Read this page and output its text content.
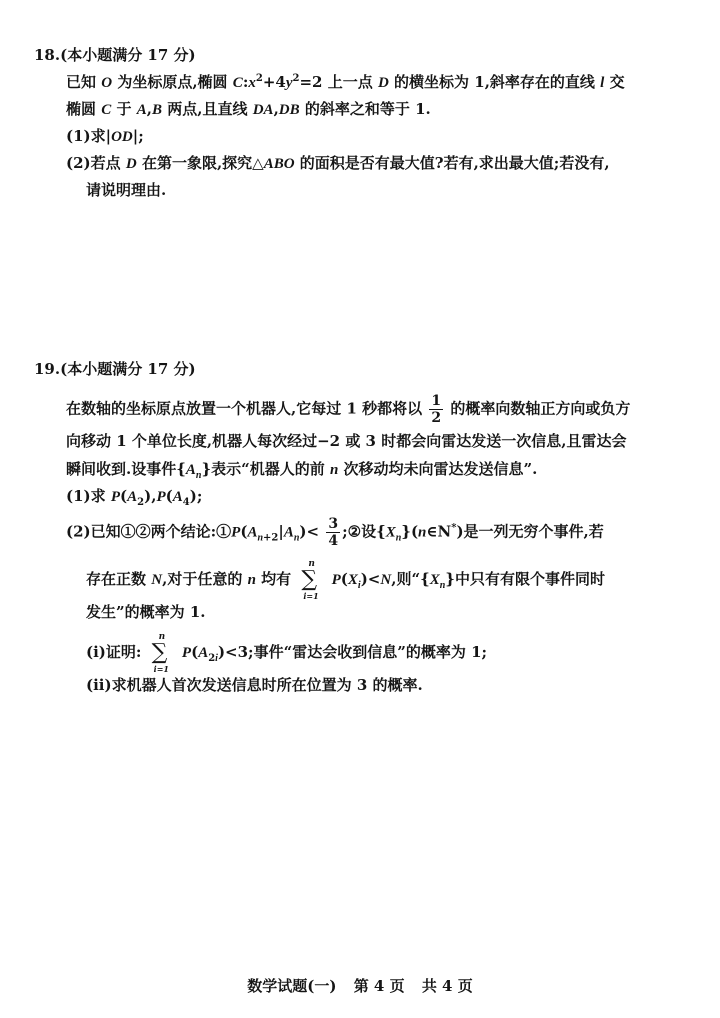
18.(本小题满分 17 分)
已知 O 为坐标原点,椭圆 $C:x^2+4y^2=2$ 上一点 D 的横坐标为 1,斜率存在的直线 l 交
椭圆 C 于 A,B 两点,且直线 DA,DB 的斜率之和等于 1.
(1)求|OD|;
(2)若点 D 在第一象限,探究△ABO 的面积是否有最大值?若有,求出最大值;若没有,
请说明理由.
19.(本小题满分 17 分)
在数轴的坐标原点放置一个机器人,它每过 1 秒都将以 $\frac{1}{2}$ 的概率向数轴正方向或负方
向移动 1 个单位长度,机器人每次经过−2 或 3 时都会向雷达发送一次信息,且雷达会
瞬间收到.设事件$\{A_n\}$表示“机器人的前 n 次移动均未向雷达发送信息”.
(1)求 $P(A_2),P(A_4)$;
(2)已知①②两个结论$:①P(A_{n+2}|A_n)< \frac{3}{4}$ ;②设$\{X_n\}(n\in N^*)$是一列无穷个事件,若
存在正数 N,对于任意的 n 均有
n
∑
i=1
$P(X_i)<N$,则“$\{X_n\}$中只有有限个事件同时
发生”的概率为 1.
(i)证明:
n
∑
i=1
$P(A_{2i})<3$;事件“雷达会收到信息”的概率为 1;
(ii)求机器人首次发送信息时所在位置为 3 的概率.
数学试题(一) 第 4 页 共 4 页
